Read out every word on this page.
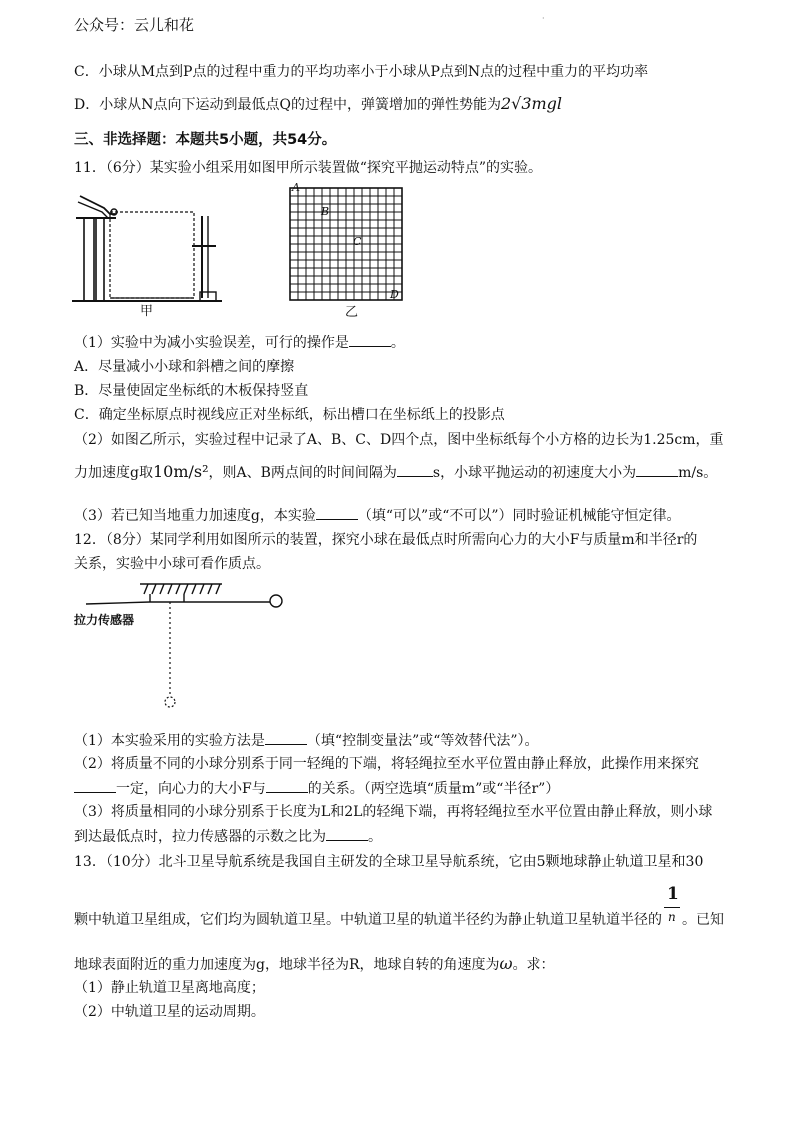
公众号：云儿和花	·
C．小球从M点到P点的过程中重力的平均功率小于小球从P点到N点的过程中重力的平均功率
D．小球从N点向下运动到最低点Q的过程中，弹簧增加的弹性势能为2√3mgl
三、非选择题：本题共5小题，共54分。
11．（6分）某实验小组采用如图甲所示装置做“探究平抛运动特点”的实验。
甲
A
B
C
D
乙
（1）实验中为减小实验误差，可行的操作是	。
A．尽量减小小球和斜槽之间的摩擦
B．尽量使固定坐标纸的木板保持竖直
C．确定坐标原点时视线应正对坐标纸，标出槽口在坐标纸上的投影点
（2）如图乙所示，实验过程中记录了A、B、C、D四个点，图中坐标纸每个小方格的边长为1.25cm，重
力加速度g取10m/s²，则A、B两点间的时间间隔为	s，小球平抛运动的初速度大小为	m/s。
（3）若已知当地重力加速度g，本实验	（填“可以”或“不可以”）同时验证机械能守恒定律。
12．（8分）某同学利用如图所示的装置，探究小球在最低点时所需向心力的大小F与质量m和半径r的
关系，实验中小球可看作质点。
拉力传感器
（1）本实验采用的实验方法是	（填“控制变量法”或“等效替代法”）。
（2）将质量不同的小球分别系于同一轻绳的下端，将轻绳拉至水平位置由静止释放，此操作用来探究
一定，向心力的大小F与	的关系。（两空选填“质量m”或“半径r”）
（3）将质量相同的小球分别系于长度为L和2L的轻绳下端，再将轻绳拉至水平位置由静止释放，则小球
到达最低点时，拉力传感器的示数之比为	。
13．（10分）北斗卫星导航系统是我国自主研发的全球卫星导航系统，它由5颗地球静止轨道卫星和30
1
n
颗中轨道卫星组成，它们均为圆轨道卫星。中轨道卫星的轨道半径约为静止轨道卫星轨道半径的 。已知
地球表面附近的重力加速度为g，地球半径为R，地球自转的角速度为ω。求：
（1）静止轨道卫星离地高度；
（2）中轨道卫星的运动周期。
